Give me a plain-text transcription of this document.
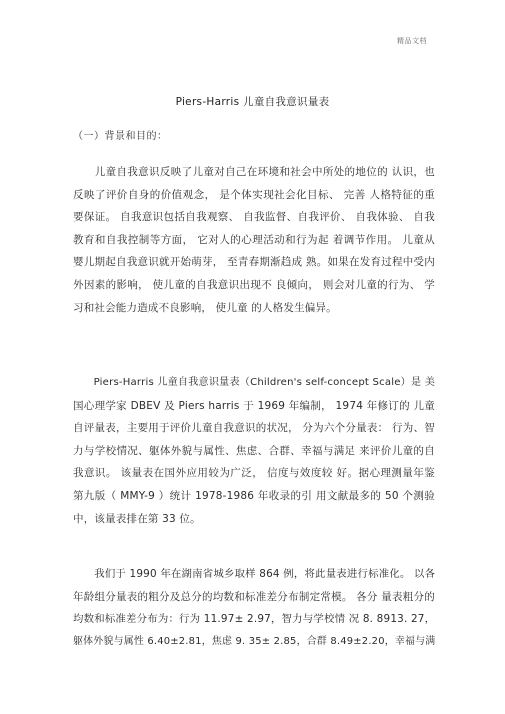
精品文档
Piers-Harris 儿童自我意识量表
（一）背景和目的：
　　儿童自我意识反映了儿童对自己在环境和社会中所处的地位的 认识，也
反映了评价自身的价值观念， 是个体实现社会化目标、 完善 人格特征的重
要保证。 自我意识包括自我观察、 自我监督、自我评价、 自我体验、 自我
教育和自我控制等方面， 它对人的心理活动和行为起 着调节作用。 儿童从
婴儿期起自我意识就开始萌芽， 至青春期渐趋成 熟。如果在发育过程中受内
外因素的影响， 使儿童的自我意识出现不 良倾向， 则会对儿童的行为、 学
习和社会能力造成不良影响， 使儿童 的人格发生偏异。
　　Piers-Harris 儿童自我意识量表（Children's self-concept Scale）是 美
国心理学家 DBEV 及 Piers harris 于 1969 年编制， 1974 年修订的 儿童
自评量表，主要用于评价儿童自我意识的状况， 分为六个分量表： 行为、智
力与学校情况、躯体外貌与属性、焦虑、合群、幸福与满足 来评价儿童的自
我意识。 该量表在国外应用较为广泛， 信度与效度较 好。据心理测量年鉴
第九版（ MMY-9 ）统计 1978-1986 年收录的引 用文献最多的 50 个测验
中，该量表排在第 33 位。
　　我们于 1990 年在湖南省城乡取样 864 例，将此量表进行标准化。 以各
年龄组分量表的粗分及总分的均数和标准差分布制定常模。 各分 量表粗分的
均数和标准差分布为：行为 11.97± 2.97，智力与学校情 况 8. 8913. 27，
躯体外貌与属性 6.40±2.81，焦虑 9. 35± 2.85，合群 8.49±2.20，幸福与满
